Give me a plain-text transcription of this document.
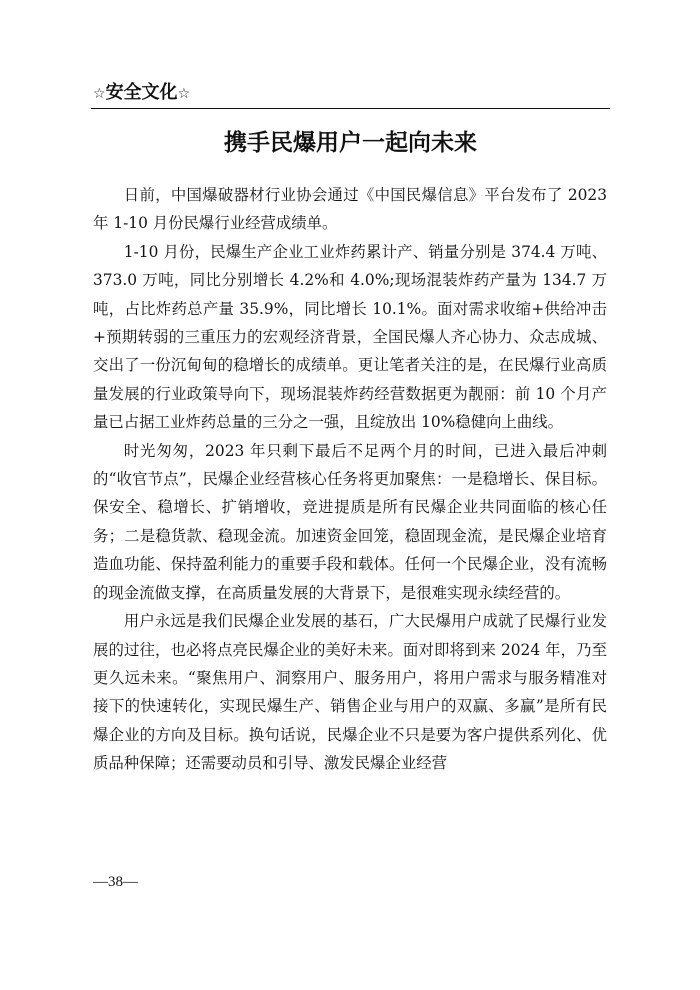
☆安全文化☆
携手民爆用户一起向未来

日前，中国爆破器材行业协会通过《中国民爆信息》平台发布了 2023 年 1-10 月份民爆行业经营成绩单。

1-10 月份，民爆生产企业工业炸药累计产、销量分别是 374.4 万吨、373.0 万吨，同比分别增长 4.2%和 4.0%;现场混装炸药产量为 134.7 万吨，占比炸药总产量 35.9%，同比增长 10.1%。面对需求收缩+供给冲击+预期转弱的三重压力的宏观经济背景，全国民爆人齐心协力、众志成城、交出了一份沉甸甸的稳增长的成绩单。更让笔者关注的是，在民爆行业高质量发展的行业政策导向下，现场混装炸药经营数据更为靓丽：前 10 个月产量已占据工业炸药总量的三分之一强，且绽放出 10%稳健向上曲线。

时光匆匆，2023 年只剩下最后不足两个月的时间，已进入最后冲刺的“收官节点”，民爆企业经营核心任务将更加聚焦：一是稳增长、保目标。保安全、稳增长、扩销增收，竞进提质是所有民爆企业共同面临的核心任务；二是稳货款、稳现金流。加速资金回笼，稳固现金流，是民爆企业培育造血功能、保持盈利能力的重要手段和载体。任何一个民爆企业，没有流畅的现金流做支撑，在高质量发展的大背景下，是很难实现永续经营的。

用户永远是我们民爆企业发展的基石，广大民爆用户成就了民爆行业发展的过往，也必将点亮民爆企业的美好未来。面对即将到来 2024 年，乃至更久远未来。“聚焦用户、洞察用户、服务用户，将用户需求与服务精准对接下的快速转化，实现民爆生产、销售企业与用户的双赢、多赢”是所有民爆企业的方向及目标。换句话说，民爆企业不只是要为客户提供系列化、优质品种保障；还需要动员和引导、激发民爆企业经营

—38—
